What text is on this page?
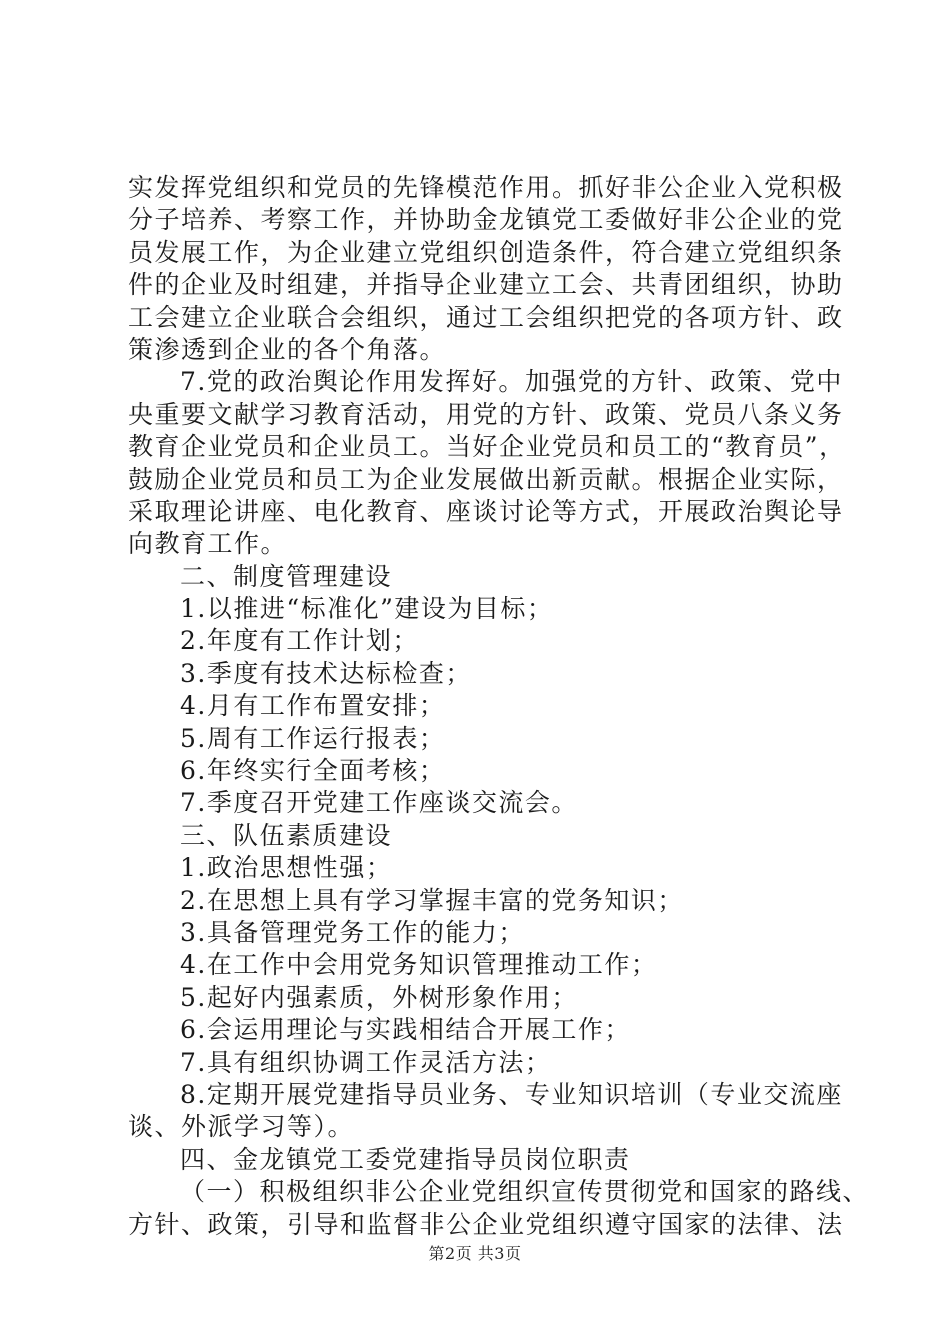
实发挥党组织和党员的先锋模范作用。抓好非公企业入党积极
分子培养、考察工作，并协助金龙镇党工委做好非公企业的党
员发展工作，为企业建立党组织创造条件，符合建立党组织条
件的企业及时组建，并指导企业建立工会、共青团组织，协助
工会建立企业联合会组织，通过工会组织把党的各项方针、政
策渗透到企业的各个角落。
7.党的政治舆论作用发挥好。加强党的方针、政策、党中
央重要文献学习教育活动，用党的方针、政策、党员八条义务
教育企业党员和企业员工。当好企业党员和员工的“教育员”，
鼓励企业党员和员工为企业发展做出新贡献。根据企业实际，
采取理论讲座、电化教育、座谈讨论等方式，开展政治舆论导
向教育工作。
二、制度管理建设
1.以推进“标准化”建设为目标；
2.年度有工作计划；
3.季度有技术达标检查；
4.月有工作布置安排；
5.周有工作运行报表；
6.年终实行全面考核；
7.季度召开党建工作座谈交流会。
三、队伍素质建设
1.政治思想性强；
2.在思想上具有学习掌握丰富的党务知识；
3.具备管理党务工作的能力；
4.在工作中会用党务知识管理推动工作；
5.起好内强素质，外树形象作用；
6.会运用理论与实践相结合开展工作；
7.具有组织协调工作灵活方法；
8.定期开展党建指导员业务、专业知识培训（专业交流座
谈、外派学习等）。
四、金龙镇党工委党建指导员岗位职责
（一）积极组织非公企业党组织宣传贯彻党和国家的路线、
方针、政策，引导和监督非公企业党组织遵守国家的法律、法
第2页 共3页
